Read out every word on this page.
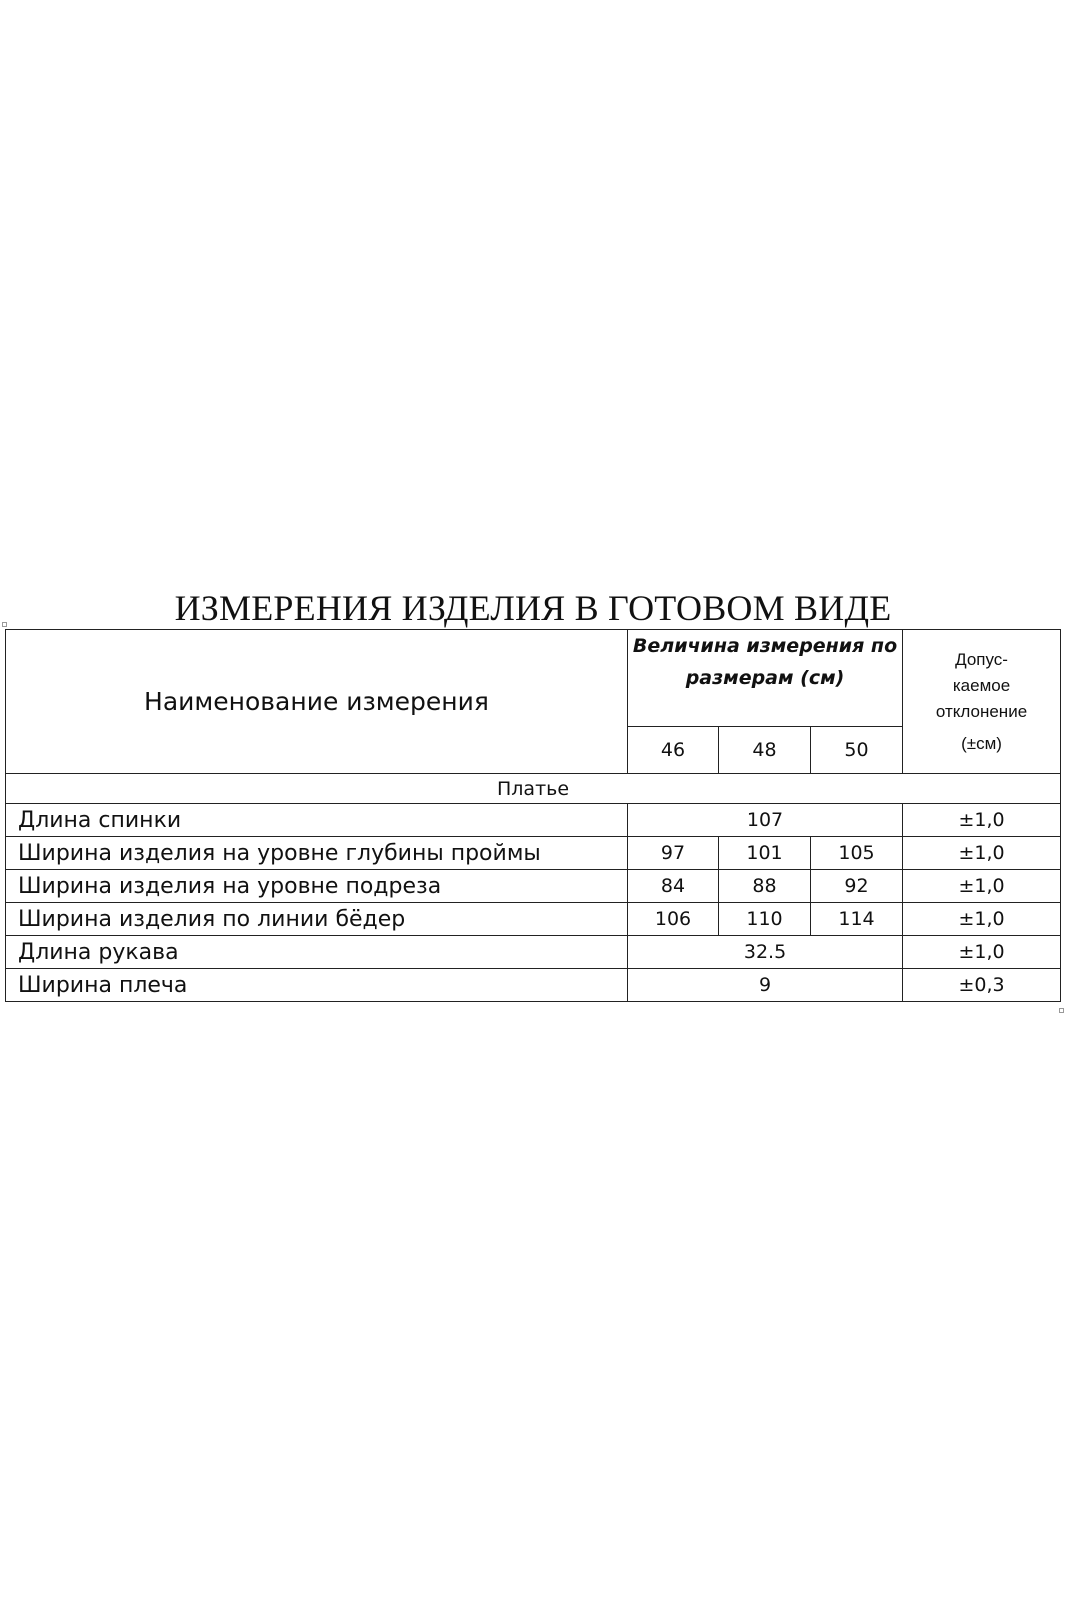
ИЗМЕРЕНИЯ ИЗДЕЛИЯ В ГОТОВОМ ВИДЕ
Наименование измерения	Величина измерения по размерам (см)			Допус-
каемое
отклонение
(±см)

	46	48	50	
Платье				
Длина спинки	107			±1,0
Ширина изделия на уровне глубины проймы	97	101	105	±1,0
Ширина изделия на уровне подреза	84	88	92	±1,0
Ширина изделия по линии бёдер	106	110	114	±1,0
Длина рукава	32.5			±1,0
Ширина плеча	9			±0,3
